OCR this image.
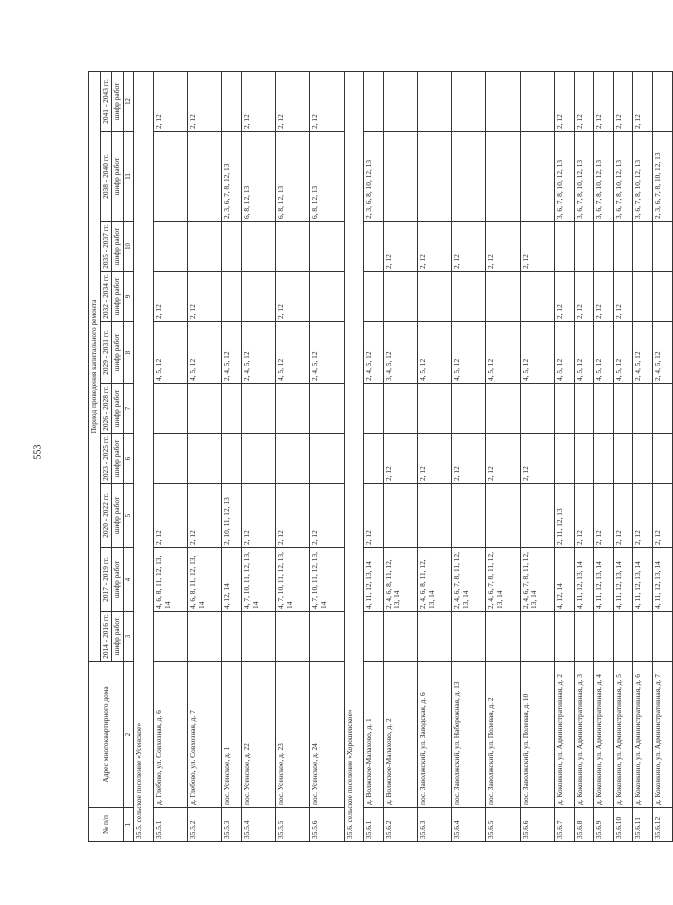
553
№ п/п	Адрес многоквартирного дома	Период проведения капитального ремонта									
		2014 - 2016 гг.	2017 - 2019 гг.	2020 - 2022 гг.	2023 - 2025 гг.	2026 - 2028 гг.	2029 - 2031 гг.	2032 - 2034 гг.	2035 - 2037 гг.	2038 - 2040 гг.	2041 - 2043 гг.
		шифр работ	шифр работ	шифр работ	шифр работ	шифр работ	шифр работ	шифр работ	шифр работ	шифр работ	шифр работ
1	2	3	4	5	6	7	8	9	10	11	12
35.5. сельское поселение «Усенское»											
35.5.1	д. Глебово, ул. Совхозная, д. 6		4, 6, 8, 11, 12, 13, 14	2, 12			4, 5, 12	2, 12			2, 12
35.5.2	д. Глебово, ул. Совхозная, д. 7		4, 6, 8, 11, 12, 13, 14	2, 12			4, 5, 12	2, 12			2, 12
35.5.3	пос. Усенское, д. 1		4, 12, 14	2, 10, 11, 12, 13			2, 4, 5, 12			2, 3, 6, 7, 8, 12, 13	
35.5.4	пос. Усенское, д. 22		4, 7, 10, 11, 12, 13, 14	2, 12			2, 4, 5, 12			6, 8, 12, 13	2, 12
35.5.5	пос. Усенское, д. 23		4, 7, 10, 11, 12, 13, 14	2, 12			4, 5, 12	2, 12		6, 8, 12, 13	2, 12
35.5.6	пос. Усенское, д. 24		4, 7, 10, 11, 12, 13, 14	2, 12			2, 4, 5, 12			6, 8, 12, 13	2, 12
35.6. сельское поселение «Хорошевское»											
35.6.1	д. Волжское-Малахово, д. 1		4, 11, 12, 13, 14	2, 12			2, 4, 5, 12			2, 3, 6, 8, 10, 12, 13	
35.6.2	д. Волжское-Малахово, д. 2		2, 4, 6, 8, 11, 12, 13, 14		2, 12		3, 4, 5, 12		2, 12		
35.6.3	пос. Заволжский, ул. Заводская, д. 6		2, 4, 6, 8, 11, 12, 13, 14		2, 12		4, 5, 12		2, 12		
35.6.4	пос. Заволжский, ул. Набережная, д. 13		2, 4, 6, 7, 8, 11, 12, 13, 14		2, 12		4, 5, 12		2, 12		
35.6.5	пос. Заволжский, ул. Полевая, д. 2		2, 4, 6, 7, 8, 11, 12, 13, 14		2, 12		4, 5, 12		2, 12		
35.6.6	пос. Заволжский, ул. Полевая, д. 10		2, 4, 6, 7, 8, 11, 12, 13, 14		2, 12		4, 5, 12		2, 12		
35.6.7	д. Коковкино, ул. Административная, д. 2		4, 12, 14	2, 11, 12, 13			4, 5, 12	2, 12		3, 6, 7, 8, 10, 12, 13	2, 12
35.6.8	д. Коковкино, ул. Административная, д. 3		4, 11, 12, 13, 14	2, 12			4, 5, 12	2, 12		3, 6, 7, 8, 10, 12, 13	2, 12
35.6.9	д. Коковкино, ул. Административная, д. 4		4, 11, 12, 13, 14	2, 12			4, 5, 12	2, 12		3, 6, 7, 8, 10, 12, 13	2, 12
35.6.10	д. Коковкино, ул. Административная, д. 5		4, 11, 12, 13, 14	2, 12			4, 5, 12	2, 12		3, 6, 7, 8, 10, 12, 13	2, 12
35.6.11	д. Коковкино, ул. Административная, д. 6		4, 11, 12, 13, 14	2, 12			2, 4, 5, 12			3, 6, 7, 8, 10, 12, 13	2, 12
35.6.12	д. Коковкино, ул. Административная, д. 7		4, 11, 12, 13, 14	2, 12			2, 4, 5, 12			2, 3, 6, 7, 8, 10, 12, 13	
